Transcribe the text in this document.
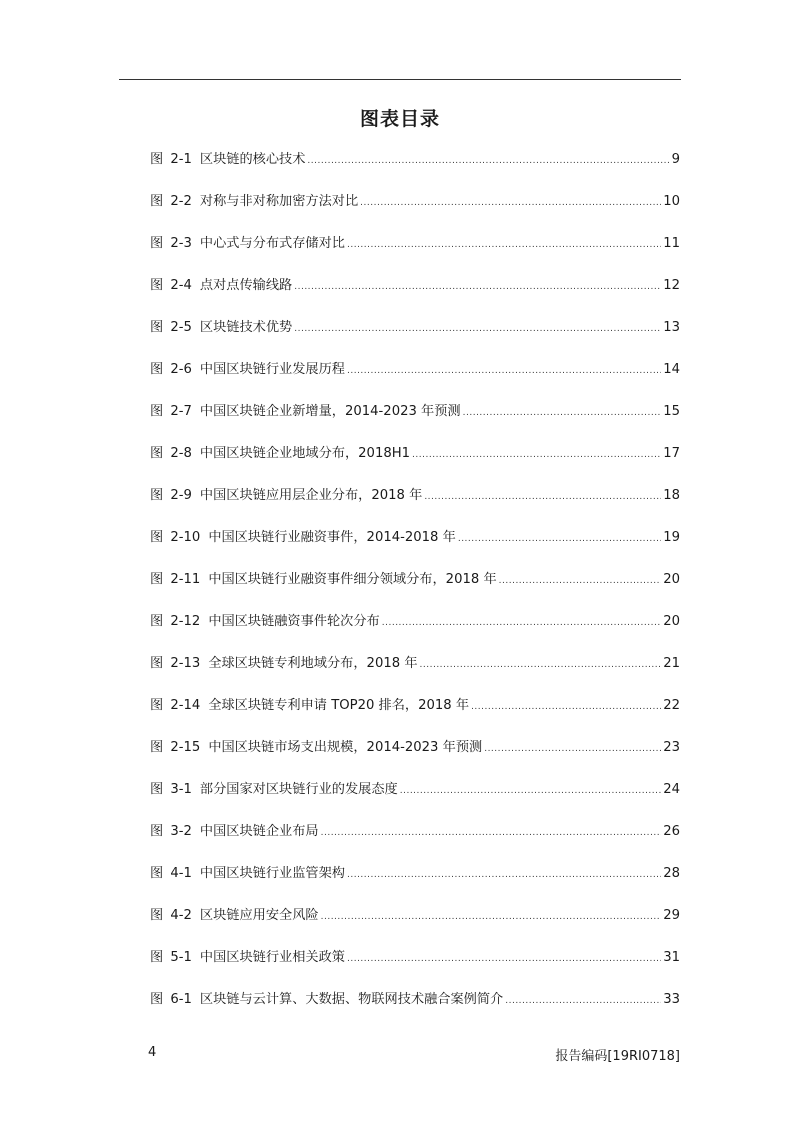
图表目录
图 2-1 区块链的核心技术 .....	9
图 2-2 对称与非对称加密方法对比 .....	10
图 2-3 中心式与分布式存储对比 .....	11
图 2-4 点对点传输线路 .....	12
图 2-5 区块链技术优势 .....	13
图 2-6 中国区块链行业发展历程 .....	14
图 2-7 中国区块链企业新增量，2014-2023 年预测 .....	15
图 2-8 中国区块链企业地域分布，2018H1 .....	17
图 2-9 中国区块链应用层企业分布，2018 年 .....	18
图 2-10 中国区块链行业融资事件，2014-2018 年 .....	19
图 2-11 中国区块链行业融资事件细分领域分布，2018 年 .....	20
图 2-12 中国区块链融资事件轮次分布 .....	20
图 2-13 全球区块链专利地域分布，2018 年 .....	21
图 2-14 全球区块链专利申请 TOP20 排名，2018 年 .....	22
图 2-15 中国区块链市场支出规模，2014-2023 年预测 .....	23
图 3-1 部分国家对区块链行业的发展态度 .....	24
图 3-2 中国区块链企业布局 .....	26
图 4-1 中国区块链行业监管架构 .....	28
图 4-2 区块链应用安全风险 .....	29
图 5-1 中国区块链行业相关政策 .....	31
图 6-1 区块链与云计算、大数据、物联网技术融合案例简介 .....	33
4	报告编码[19RI0718]
